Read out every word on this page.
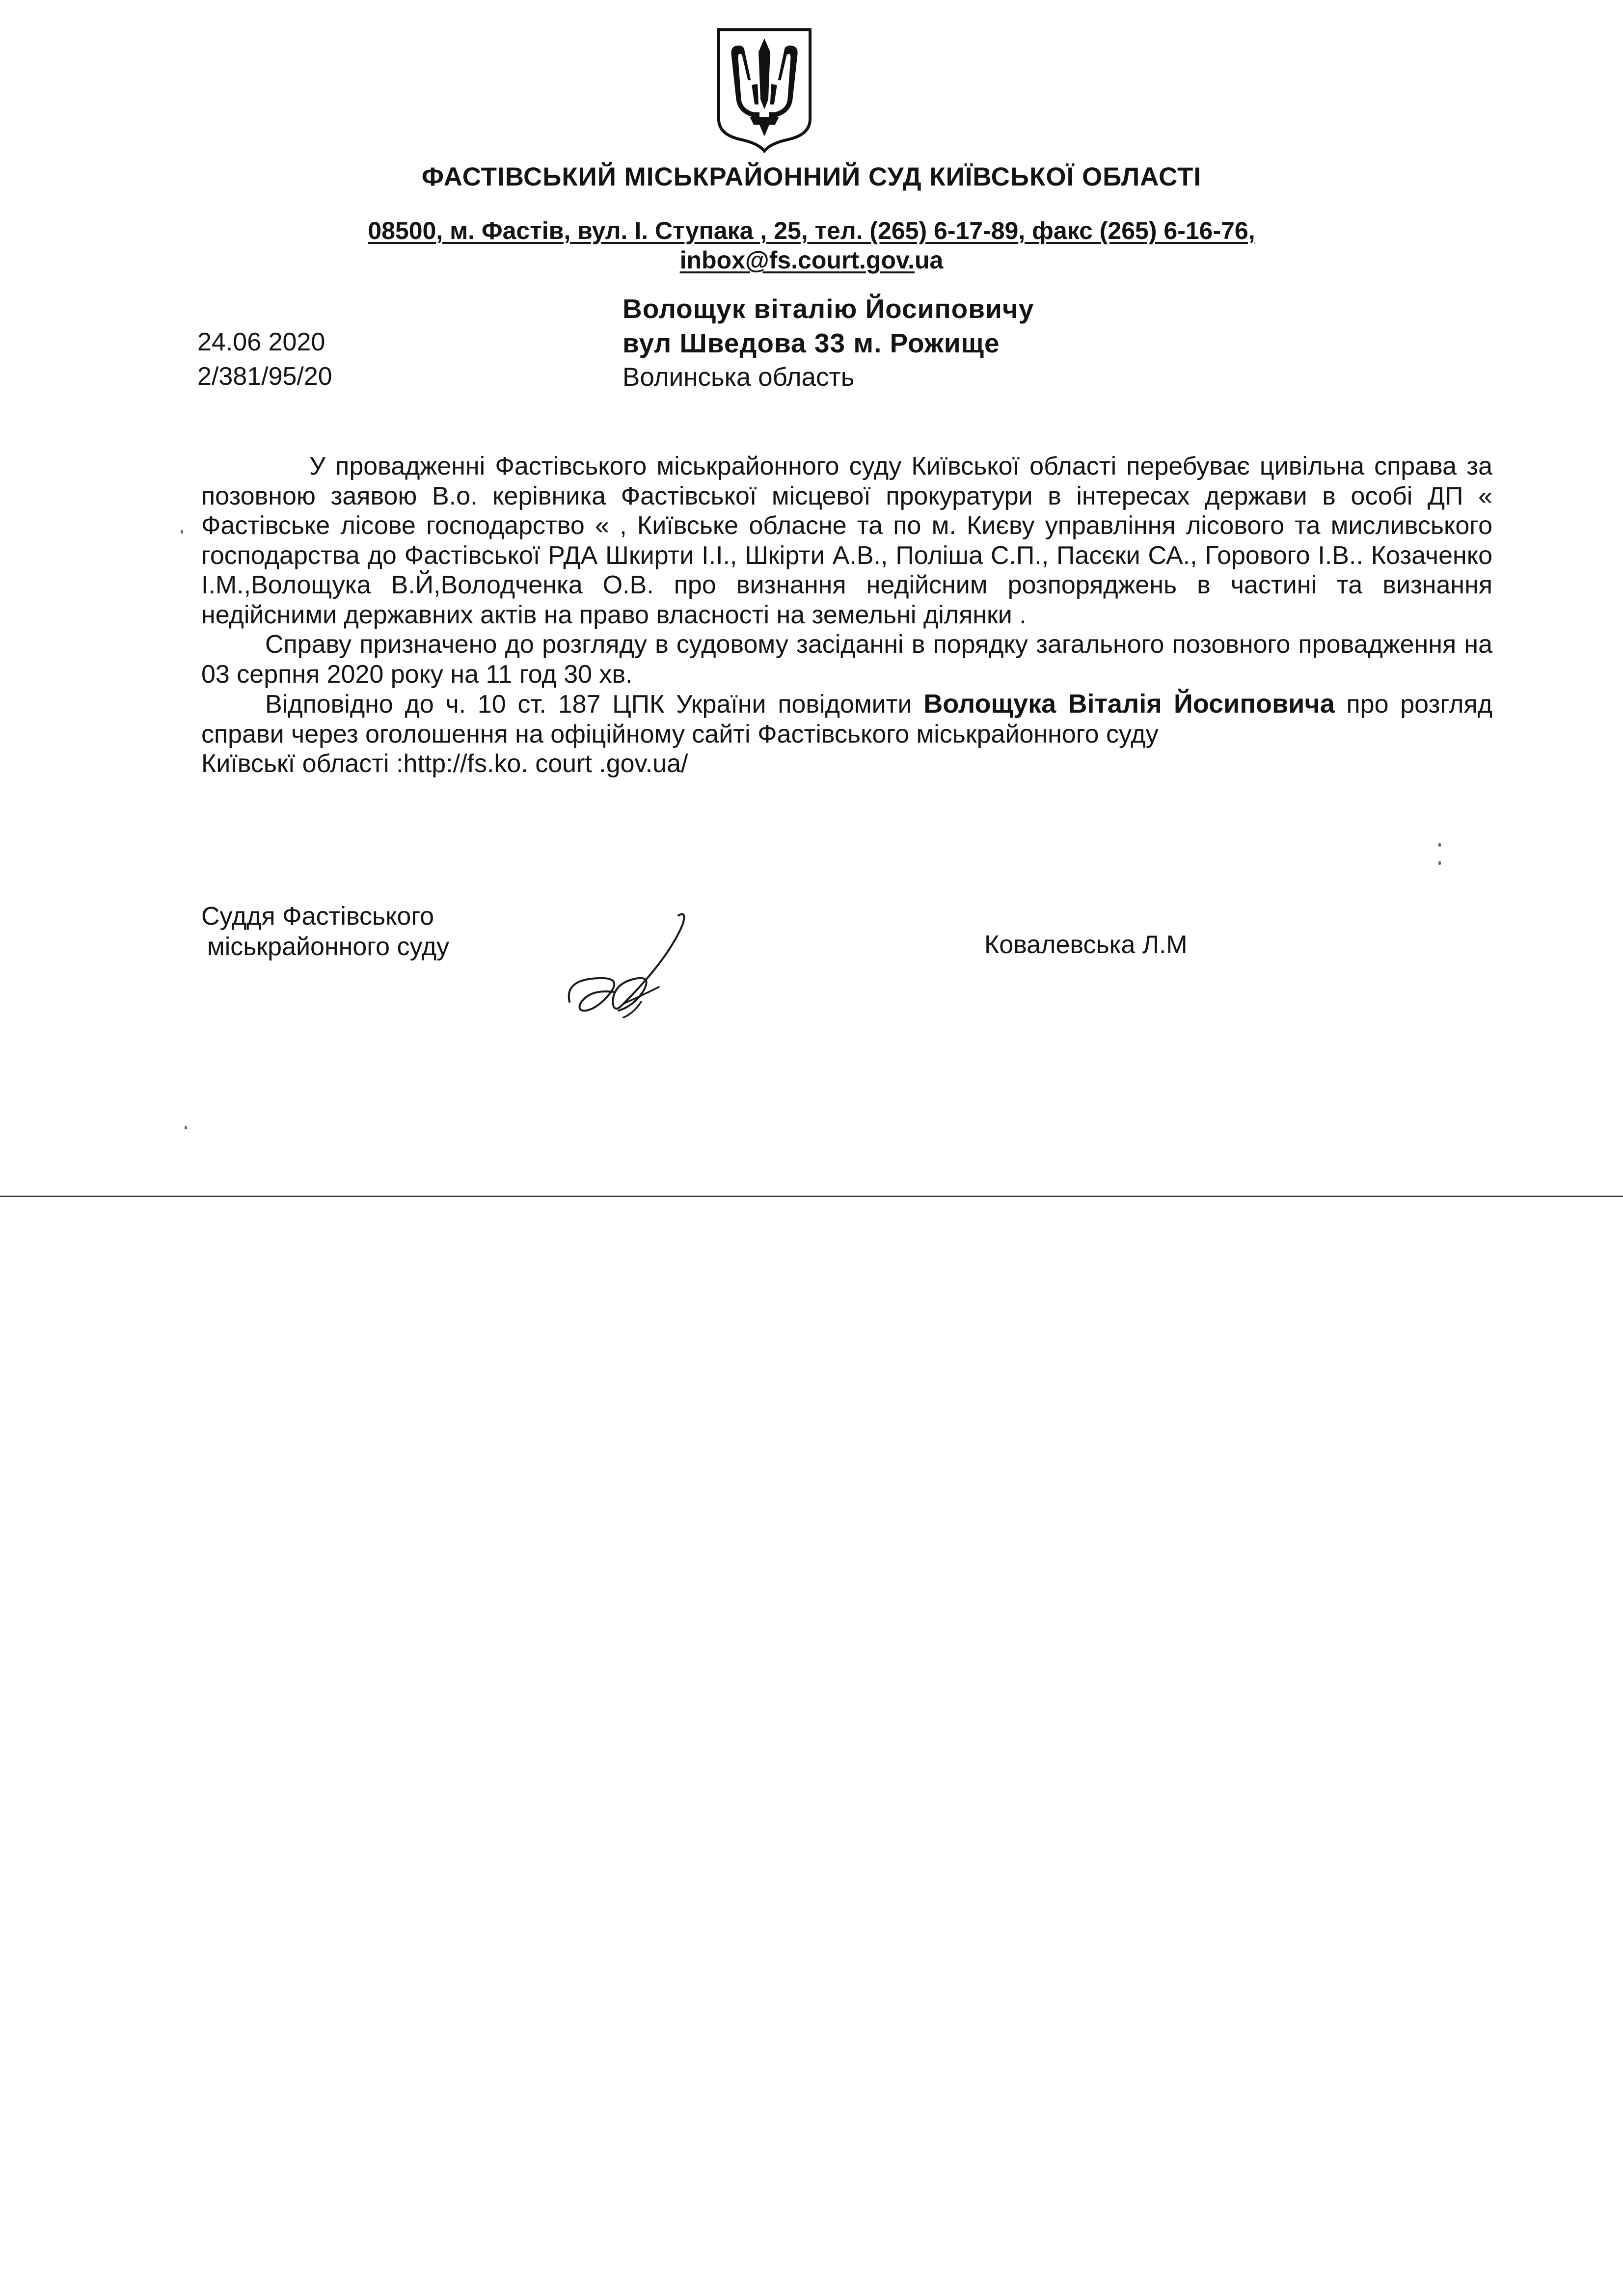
ФАСТІВСЬКИЙ МІСЬКРАЙОННИЙ СУД КИЇВСЬКОЇ ОБЛАСТІ
08500, м. Фастів, вул. І. Ступака , 25, тел. (265) 6-17-89, факс (265) 6-16-76,
inbox@fs.court.gov.ua
Волощук віталію Йосиповичу
вул Шведова 33 м. Рожище
Волинська область
24.06 2020
2/381/95/20

У провадженні Фастівського міськрайонного суду Київської області перебуває цивільна справа за позовною заявою В.о. керівника Фастівської місцевої прокуратури в інтересах держави в особі ДП « Фастівське лісове господарство « , Київське обласне та по м. Києву управління лісового та мисливського господарства до Фастівської РДА Шкирти І.І., Шкірти А.В., Поліша С.П., Пасєки СА., Горового І.В.. Козаченко І.М.,Волощука В.Й,Володченка О.В. про визнання недійсним розпоряджень в частині та визнання недійсними державних актів на право власності на земельні ділянки .

Справу призначено до розгляду в судовому засіданні в порядку загального позовного провадження на 03 серпня 2020 року на 11 год 30 хв.

Відповідно до ч. 10 ст. 187 ЦПК України повідомити Волощука Віталія Йосиповича про розгляд справи через оголошення на офіційному сайті Фастівського міськрайонного суду

Київськї області :http://fs.ko. court .gov.ua/

Суддя Фастівського
міськрайонного суду	Ковалевська Л.М
